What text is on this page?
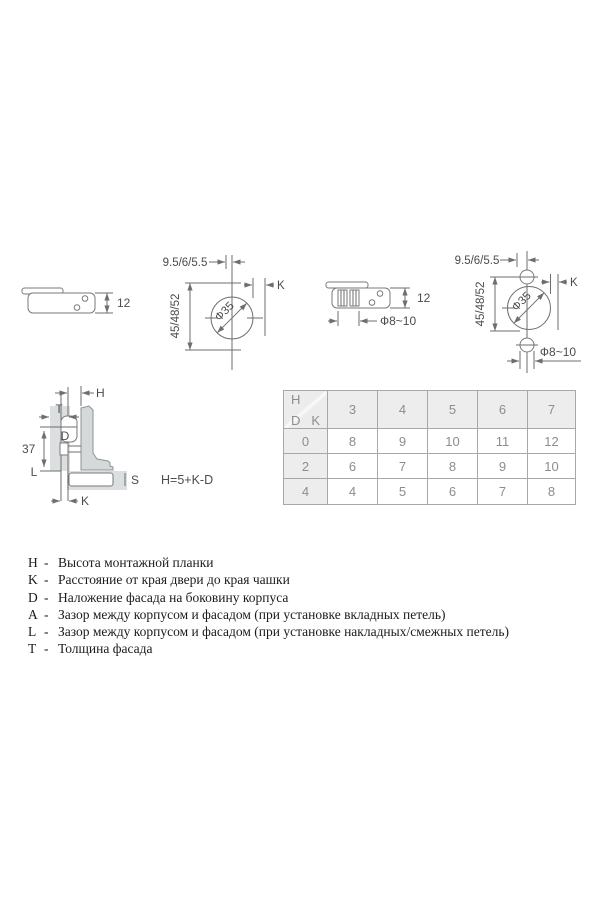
12
9.5/6/5.5
Ф35
45/48/52
K
12
Ф8~10
9.5/6/5.5
Ф35
45/48/52	K
Ф8~10
H
T
D
37
L
K
S H=5+K-D
D K
H	3	4	5	6	7
0	8	9	10	11	12
2	6	7	8	9	10
4	4	5	6	7	8
H - Высота монтажной планки
K - Расстояние от края двери до края чашки
D - Наложение фасада на боковину корпуса
A - Зазор между корпусом и фасадом (при установке вкладных петель)
L - Зазор между корпусом и фасадом (при установке накладных/смежных петель)
T - Толщина фасада
